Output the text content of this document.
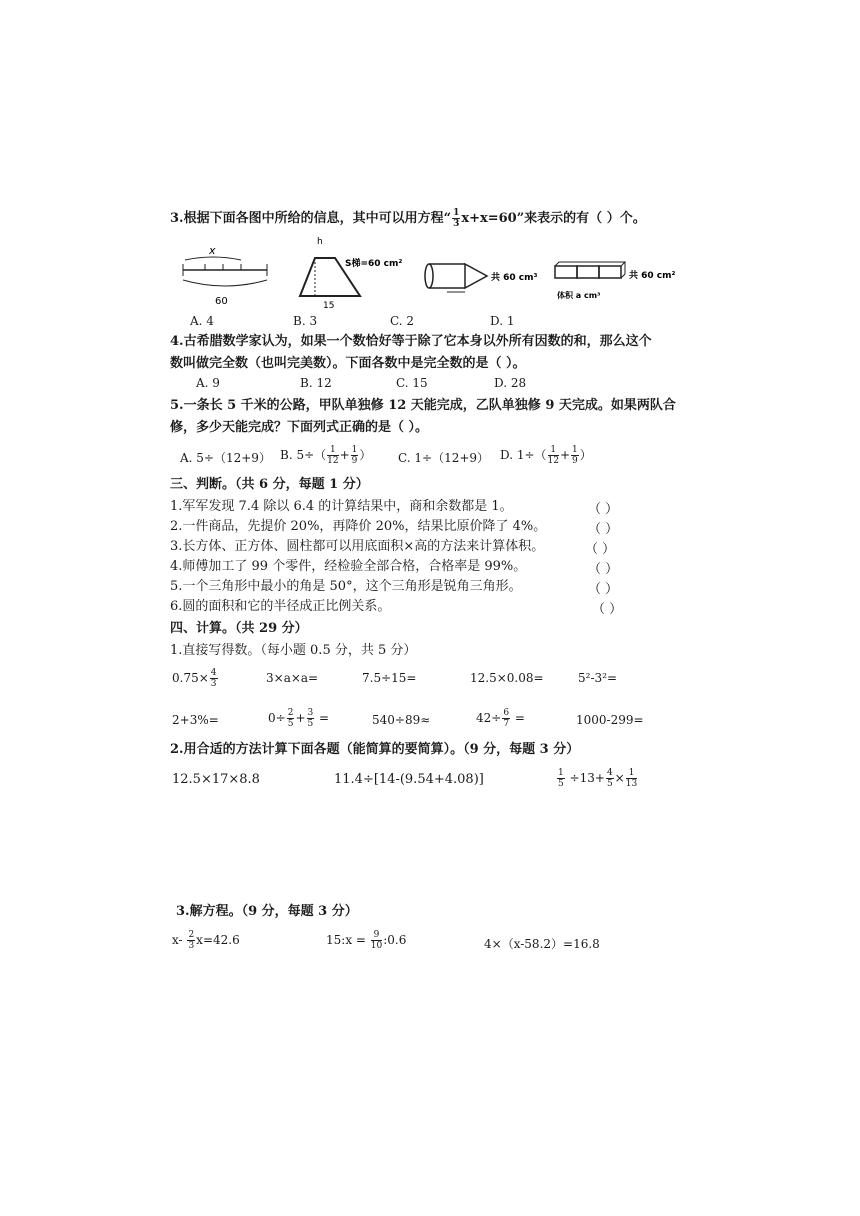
3.根据下面各图中所给的信息，其中可以用方程“ $\frac{1}{3} x+x=60$”来表示的有（ ）个。
x
60
h
S梯=60 cm²
15
共 60 cm³	共 60 cm²
体积 a cm³
A. 4	B. 3	C. 2	D. 1
4.古希腊数学家认为，如果一个数恰好等于除了它本身以外所有因数的和，那么这个
数叫做完全数（也叫完美数）。下面各数中是完全数的是（ ）。
A. 9	B. 12	C. 15	D. 28
5.一条长 5 千米的公路，甲队单独修 12 天能完成，乙队单独修 9 天完成。如果两队合
修，多少天能完成？下面列式正确的是（ ）。
A. 5÷（12+9） B. $5\div( \frac{1}{12} + \frac{1}{9}$ ） C. 1÷（12+9） D. $1\div( \frac{1}{12} + \frac{1}{9}$ ）
三、判断。（共 6 分，每题 1 分）
1.军军发现 7.4 除以 6.4 的计算结果中，商和余数都是 1。	（ ）
2.一件商品，先提价 20%，再降价 20%，结果比原价降了 4%。	（ ）
3.长方体、正方体、圆柱都可以用底面积×高的方法来计算体积。	（ ）
4.师傅加工了 99 个零件，经检验全部合格，合格率是 99%。	（ ）
5.一个三角形中最小的角是 50°，这个三角形是锐角三角形。	（ ）
6.圆的面积和它的半径成正比例关系。	（ ）
四、计算。（共 29 分）
1.直接写得数。（每小题 0.5 分，共 5 分）
$0.75\times \frac{4}{3}$	3×a×a=	7.5÷15=	12.5×0.08=	5²-3²=
2+3%=	$0\div \frac{2}{5} + \frac{3}{5}$ =	540÷89≈	$42\div \frac{6}{7}$ =	1000-299=
2.用合适的方法计算下面各题（能简算的要简算）。（9 分，每题 3 分）
12.5×17×8.8	11.4÷[14-(9.54+4.08)]	$\frac{1}{5} \div 13+ \frac{4}{5} \times \frac{1}{13}$
3.解方程。（9 分，每题 3 分）
$x- \frac{2}{3} x=42.6$	15:x = $\frac{9}{10}$ :0.6	4×（x-58.2）=16.8
